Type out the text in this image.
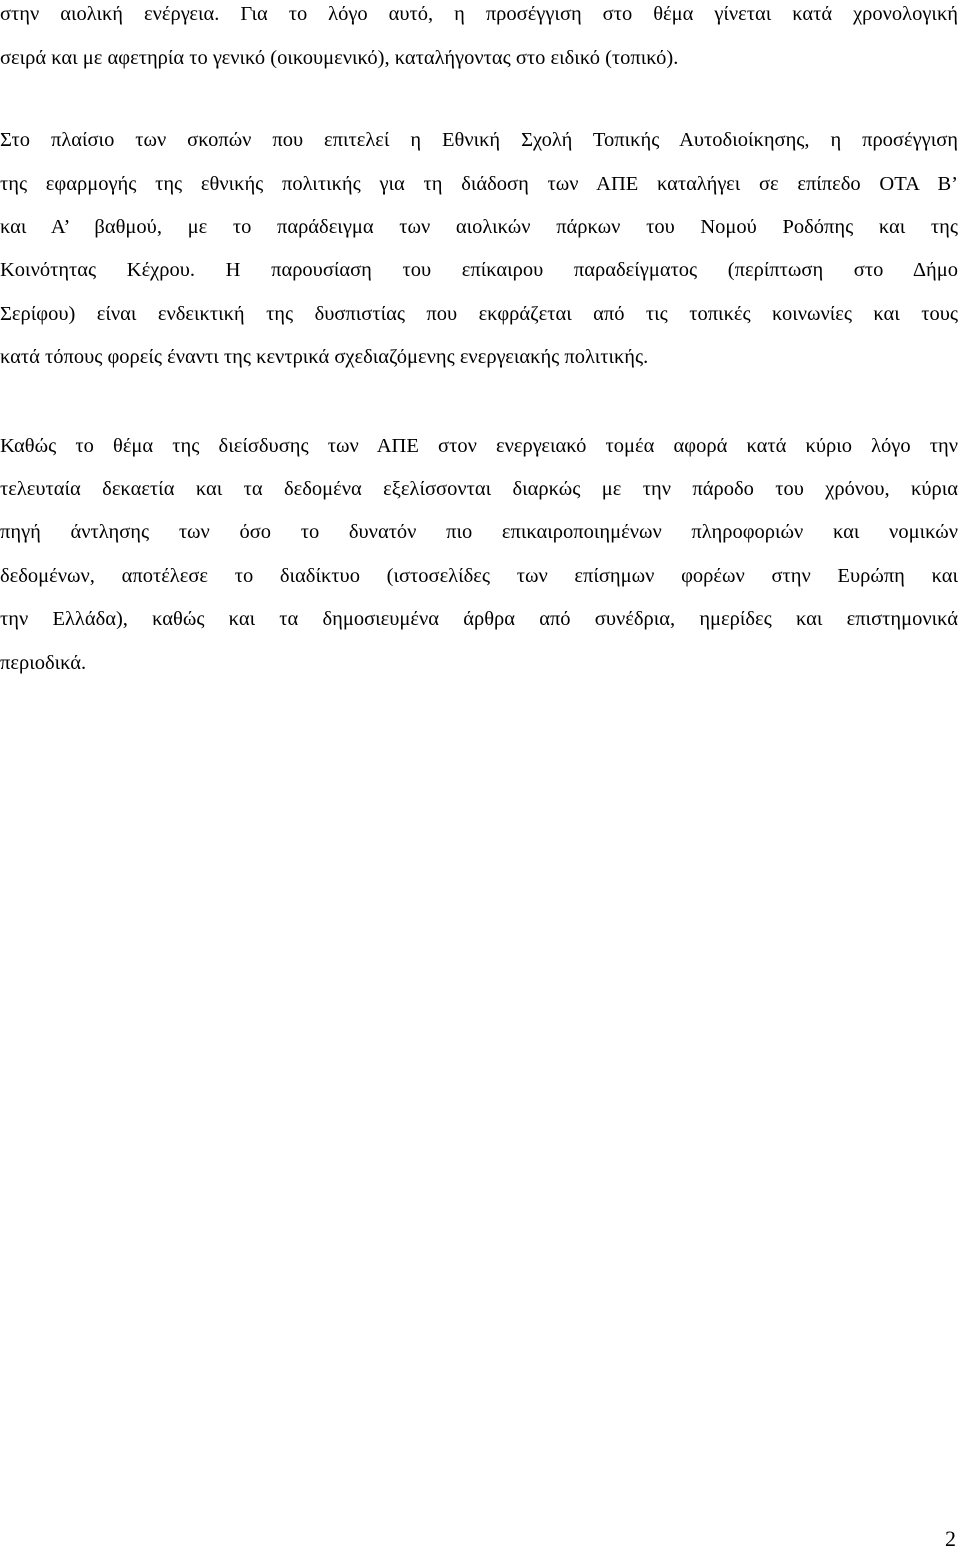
στην αιολική ενέργεια. Για το λόγο αυτό, η προσέγγιση στο θέμα γίνεται κατά χρονολογική
σειρά και με αφετηρία το γενικό (οικουμενικό), καταλήγοντας στο ειδικό (τοπικό).
Στο πλαίσιο των σκοπών που επιτελεί η Εθνική Σχολή Τοπικής Αυτοδιοίκησης, η προσέγγιση
της εφαρμογής της εθνικής πολιτικής για τη διάδοση των ΑΠΕ καταλήγει σε επίπεδο ΟΤΑ Β’
και Α’ βαθμού, με το παράδειγμα των αιολικών πάρκων του Νομού Ροδόπης και της
Κοινότητας Κέχρου. Η παρουσίαση του επίκαιρου παραδείγματος (περίπτωση στο Δήμο
Σερίφου) είναι ενδεικτική της δυσπιστίας που εκφράζεται από τις τοπικές κοινωνίες και τους
κατά τόπους φορείς έναντι της κεντρικά σχεδιαζόμενης ενεργειακής πολιτικής.
Καθώς το θέμα της διείσδυσης των ΑΠΕ στον ενεργειακό τομέα αφορά κατά κύριο λόγο την
τελευταία δεκαετία και τα δεδομένα εξελίσσονται διαρκώς με την πάροδο του χρόνου, κύρια
πηγή άντλησης των όσο το δυνατόν πιο επικαιροποιημένων πληροφοριών και νομικών
δεδομένων, αποτέλεσε το διαδίκτυο (ιστοσελίδες των επίσημων φορέων στην Ευρώπη και
την Ελλάδα), καθώς και τα δημοσιευμένα άρθρα από συνέδρια, ημερίδες και επιστημονικά
περιοδικά.
2
